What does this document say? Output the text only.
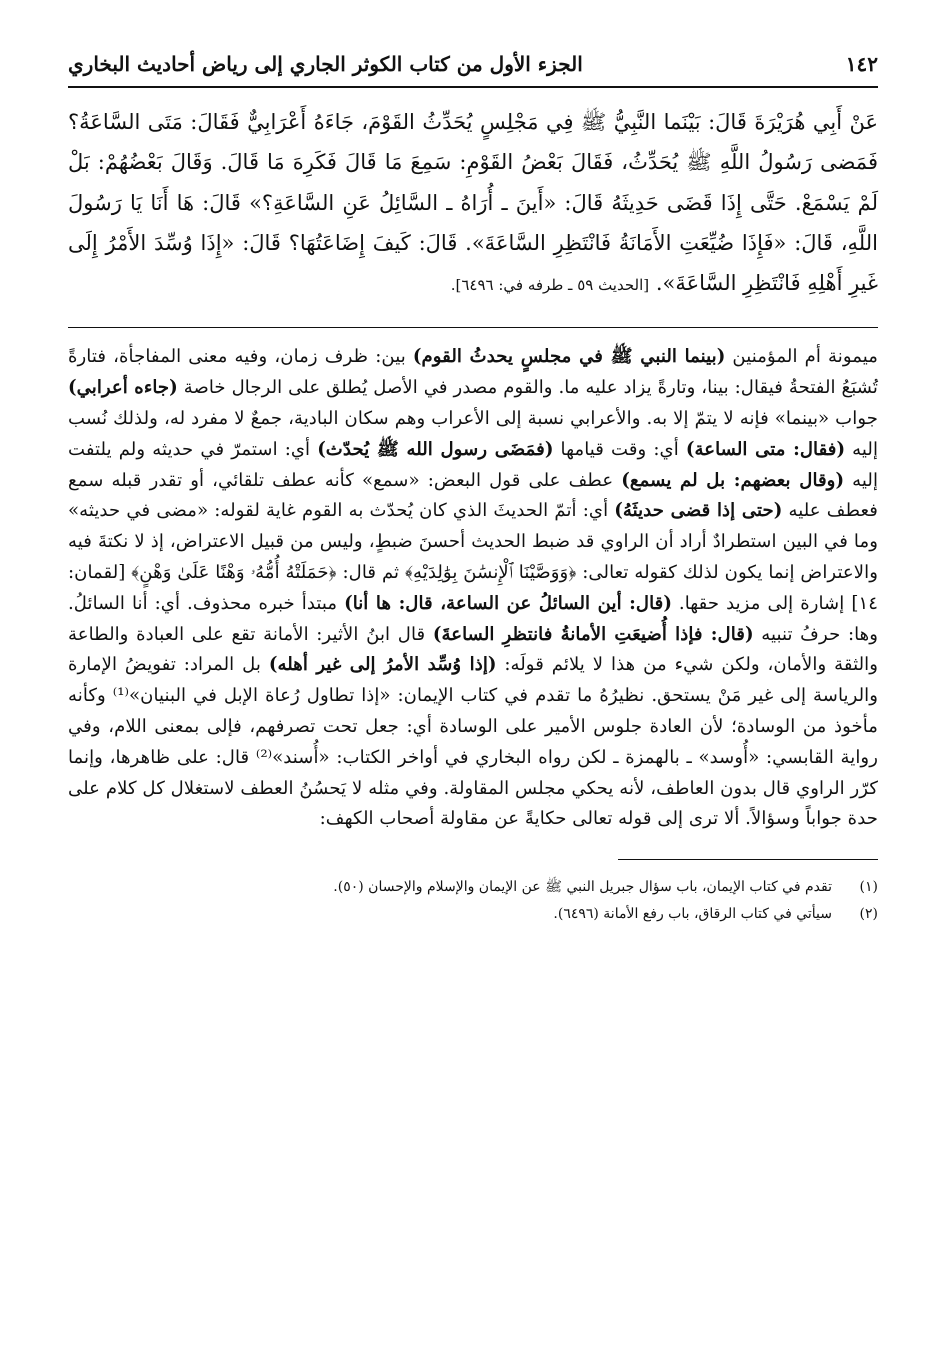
١٤٢
الجزء الأول من كتاب الكوثر الجاري إلى رياض أحاديث البخاري
عَنْ أَبِي هُرَيْرَةَ قَالَ: بَيْنَما النَّبِيُّ ﷺ فِي مَجْلِسٍ يُحَدِّثُ القَوْمَ، جَاءَهُ أَعْرَابِيٌّ فَقَالَ: مَتَى السَّاعَةُ؟ فَمَضى رَسُولُ اللَّهِ ﷺ يُحَدِّثُ، فَقَالَ بَعْضُ القَوْمِ: سَمِعَ مَا قَالَ فَكَرِهَ مَا قَالَ. وَقَالَ بَعْضُهُمْ: بَلْ لَمْ يَسْمَعْ. حَتَّى إِذَا قَضَى حَدِيثَهُ قَالَ: «أَينَ ـ أُرَاهُ ـ السَّائِلُ عَنِ السَّاعَةِ؟» قَالَ: هَا أَنَا يَا رَسُولَ اللَّهِ، قَالَ: «فَإِذَا ضُيِّعَتِ الأَمَانَةُ فَانْتَظِرِ السَّاعَةَ». قَالَ: كَيفَ إِضَاعَتُهَا؟ قَالَ: «إِذَا وُسِّدَ الأَمْرُ إِلَى غَيرِ أَهْلِهِ فَانْتَظِرِ السَّاعَةَ». [الحديث ٥٩ ـ طرفه في: ٦٤٩٦].
ميمونة أم المؤمنين (بينما النبي ﷺ في مجلسٍ يحدثُ القوم) بين: ظرف زمان، وفيه معنى المفاجأة، فتارةً تُشبَعُ الفتحةُ فيقال: بينا، وتارةً يزاد عليه ما. والقوم مصدر في الأصل يُطلق على الرجال خاصة (جاءه أعرابي) جواب «بينما» فإنه لا يتمّ إلا به. والأعرابي نسبة إلى الأعراب وهم سكان البادية، جمعٌ لا مفرد له، ولذلك نُسب إليه (فقال: متى الساعة) أي: وقت قيامها (فمَضَى رسول الله ﷺ يُحدّث) أي: استمرّ في حديثه ولم يلتفت إليه (وقال بعضهم: بل لم يسمع) عطف على قول البعض: «سمع» كأنه عطف تلقائي، أو تقدر قبله سمع فعطف عليه (حتى إذا قضى حديثَهُ) أي: أتمّ الحديثَ الذي كان يُحدّث به القوم غاية لقوله: «مضى في حديثه» وما في البين استطرادٌ أراد أن الراوي قد ضبط الحديث أحسنَ ضبطٍ، وليس من قبيل الاعتراض، إذ لا نكتةَ فيه والاعتراض إنما يكون لذلك كقوله تعالى: ﴿وَوَصَّيْنَا ٱلْإِنسَٰنَ بِوَٰلِدَيْهِ﴾ ثم قال: ﴿حَمَلَتْهُ أُمُّهُۥ وَهْنًا عَلَىٰ وَهْنٍ﴾ [لقمان: ١٤] إشارة إلى مزيد حقها. (قال: أين السائلُ عن الساعة، قال: ها أنا) مبتدأ خبره محذوف. أي: أنا السائلُ. وها: حرفُ تنبيه (قال: فإذا أُضيعَتِ الأمانةُ فانتظرِ الساعةَ) قال ابنُ الأثير: الأمانة تقع على العبادة والطاعة والثقة والأمان، ولكن شيء من هذا لا يلائم قولَه: (إذا وُسِّد الأمرُ إلى غير أهله) بل المراد: تفويضُ الإمارة والرياسة إلى غير مَنْ يستحق. نظيرُهُ ما تقدم في كتاب الإيمان: «إذا تطاول رُعاة الإبل في البنيان»⁽¹⁾ وكأنه مأخوذ من الوسادة؛ لأن العادة جلوس الأمير على الوسادة أي: جعل تحت تصرفهم، فإلى بمعنى اللام، وفي رواية القابسي: «أُوسد» ـ بالهمزة ـ لكن رواه البخاري في أواخر الكتاب: «أُسند»⁽²⁾ قال: على ظاهرها، وإنما كرّر الراوي قال بدون العاطف، لأنه يحكي مجلس المقاولة. وفي مثله لا يَحسُنُ العطف لاستغلال كل كلام على حدة جواباً وسؤالاً. ألا ترى إلى قوله تعالى حكايةً عن مقاولة أصحاب الكهف:
(١)
تقدم في كتاب الإيمان، باب سؤال جبريل النبي ﷺ عن الإيمان والإسلام والإحسان (٥٠).
(٢)
سيأتي في كتاب الرقاق، باب رفع الأمانة (٦٤٩٦).
